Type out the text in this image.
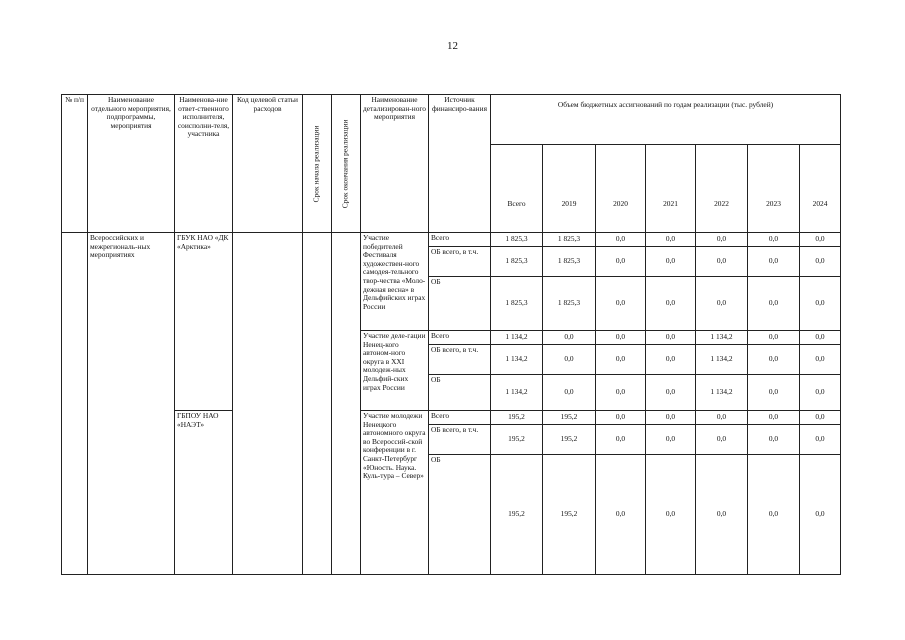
12
№ п/п	Наименование отдельного мероприятия, подпрограммы, мероприятия	Наименова-ние ответ-ственного исполнителя, соисполни-теля, участника	Код целевой статьи расходов	Срок начала реализации	Срок окончания реализации	Наименование детализирован-ного мероприятия	Источник финансиро-вания	Объем бюджетных ассигнований по годам реализации (тыс. рублей)						
								Всего	2019	2020	2021	2022	2023	2024
	Всероссийских и межрегиональ-ных мероприятиях	ГБУК НАО «ДК «Арктика»				Участие победителей Фестиваля художествен-ного самодея-тельного твор-чества «Моло-дежная весна» в Дельфийских играх России	Всего	1 825,3	1 825,3	0,0	0,0	0,0	0,0	0,0
							ОБ всего, в т.ч.	1 825,3	1 825,3	0,0	0,0	0,0	0,0	0,0
							ОБ	1 825,3	1 825,3	0,0	0,0	0,0	0,0	0,0
						Участие деле-гации Ненец-кого автоном-ного округа в XXI молодеж-ных Дельфий-ских играх России	Всего	1 134,2	0,0	0,0	0,0	1 134,2	0,0	0,0
							ОБ всего, в т.ч.	1 134,2	0,0	0,0	0,0	1 134,2	0,0	0,0
							ОБ	1 134,2	0,0	0,0	0,0	1 134,2	0,0	0,0
		ГБПОУ НАО «НАЭТ»				Участие молодежи Ненецкого автономного округа во Всероссий-ской конференции в г. Санкт-Петербург «Юность. Наука. Куль-тура – Север»	Всего	195,2	195,2	0,0	0,0	0,0	0,0	0,0
							ОБ всего, в т.ч.	195,2	195,2	0,0	0,0	0,0	0,0	0,0
							ОБ	195,2	195,2	0,0	0,0	0,0	0,0	0,0
